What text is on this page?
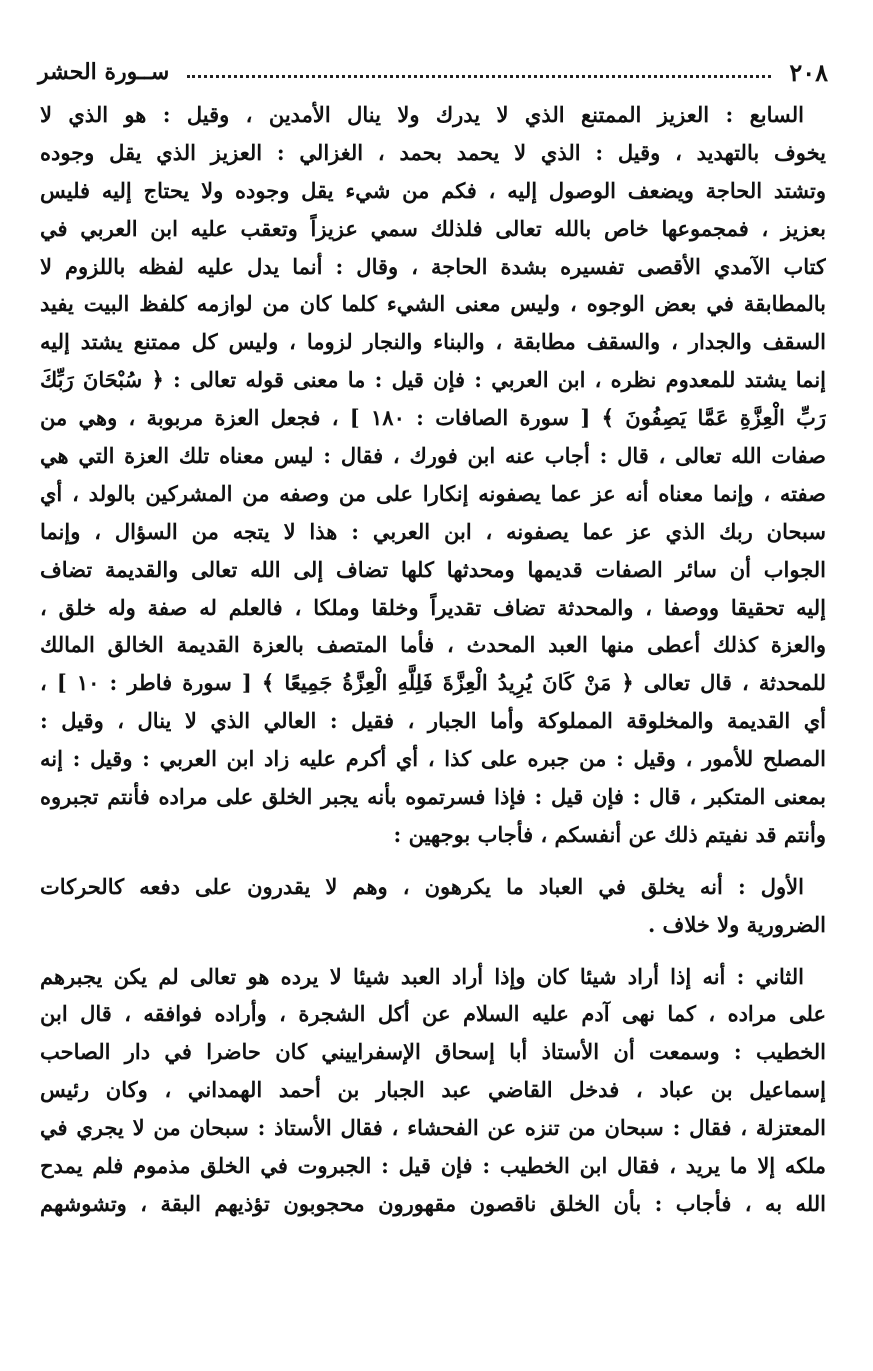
٢٠٨
ســورة الحشر
السابع : العزيز الممتنع الذي لا يدرك ولا ينال الأمدين ، وقيل : هو الذي لا
يخوف بالتهديد ، وقيل : الذي لا يحمد بحمد ، الغزالي : العزيز الذي يقل وجوده
وتشتد الحاجة ويضعف الوصول إليه ، فكم من شيء يقل وجوده ولا يحتاج إليه فليس
بعزيز ، فمجموعها خاص بالله تعالى فلذلك سمي عزيزاً وتعقب عليه ابن العربي في
كتاب الآمدي الأقصى تفسيره بشدة الحاجة ، وقال : أنما يدل عليه لفظه باللزوم لا
بالمطابقة في بعض الوجوه ، وليس معنى الشيء كلما كان من لوازمه كلفظ البيت يفيد
السقف والجدار ، والسقف مطابقة ، والبناء والنجار لزوما ، وليس كل ممتنع يشتد إليه
إنما يشتد للمعدوم نظره ، ابن العربي : فإن قيل : ما معنى قوله تعالى : ﴿ سُبْحَانَ رَبِّكَ
رَبِّ الْعِزَّةِ عَمَّا يَصِفُونَ ﴾ [ سورة الصافات : ١٨٠ ] ، فجعل العزة مربوبة ، وهي من
صفات الله تعالى ، قال : أجاب عنه ابن فورك ، فقال : ليس معناه تلك العزة التي هي
صفته ، وإنما معناه أنه عز عما يصفونه إنكارا على من وصفه من المشركين بالولد ، أي
سبحان ربك الذي عز عما يصفونه ، ابن العربي : هذا لا يتجه من السؤال ، وإنما
الجواب أن سائر الصفات قديمها ومحدثها كلها تضاف إلى الله تعالى والقديمة تضاف
إليه تحقيقا ووصفا ، والمحدثة تضاف تقديراً وخلقا وملكا ، فالعلم له صفة وله خلق ،
والعزة كذلك أعطى منها العبد المحدث ، فأما المتصف بالعزة القديمة الخالق المالك
للمحدثة ، قال تعالى ﴿ مَنْ كَانَ يُرِيدُ الْعِزَّةَ فَلِلَّهِ الْعِزَّةُ جَمِيعًا ﴾ [ سورة فاطر : ١٠ ] ،
أي القديمة والمخلوقة المملوكة وأما الجبار ، فقيل : العالي الذي لا ينال ، وقيل :
المصلح للأمور ، وقيل : من جبره على كذا ، أي أكرم عليه زاد ابن العربي : وقيل : إنه
بمعنى المتكبر ، قال : فإن قيل : فإذا فسرتموه بأنه يجبر الخلق على مراده فأنتم تجبروه
وأنتم قد نفيتم ذلك عن أنفسكم ، فأجاب بوجهين :
الأول : أنه يخلق في العباد ما يكرهون ، وهم لا يقدرون على دفعه كالحركات
الضرورية ولا خلاف .
الثاني : أنه إذا أراد شيئا كان وإذا أراد العبد شيئا لا يرده هو تعالى لم يكن يجبرهم
على مراده ، كما نهى آدم عليه السلام عن أكل الشجرة ، وأراده فوافقه ، قال ابن
الخطيب : وسمعت أن الأستاذ أبا إسحاق الإسفراييني كان حاضرا في دار الصاحب
إسماعيل بن عباد ، فدخل القاضي عبد الجبار بن أحمد الهمداني ، وكان رئيس
المعتزلة ، فقال : سبحان من تنزه عن الفحشاء ، فقال الأستاذ : سبحان من لا يجري في
ملكه إلا ما يريد ، فقال ابن الخطيب : فإن قيل : الجبروت في الخلق مذموم فلم يمدح
الله به ، فأجاب : بأن الخلق ناقصون مقهورون محجوبون تؤذيهم البقة ، وتشوشهم
